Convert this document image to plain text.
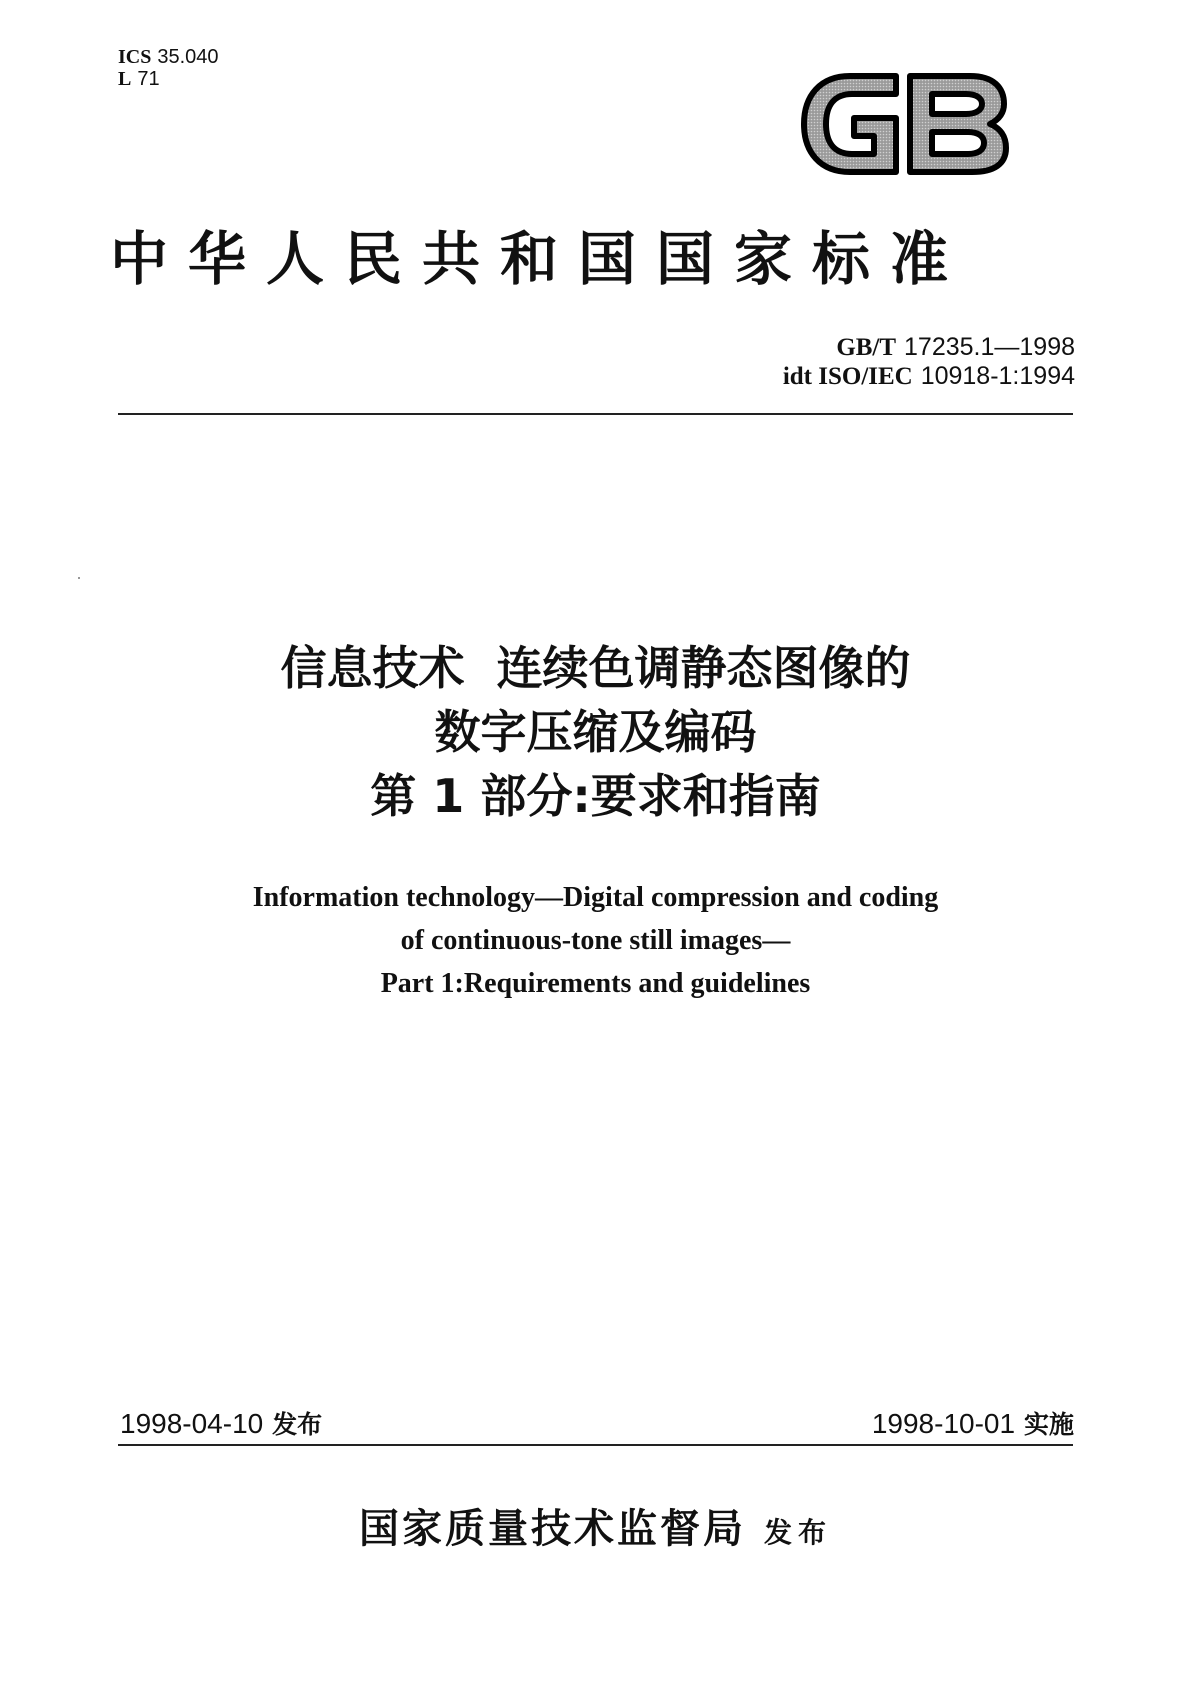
ICS 35.040
L 71
中华人民共和国国家标准
GB/T 17235.1—1998
idt ISO/IEC 10918-1:1994
信息技术  连续色调静态图像的
数字压缩及编码
第 1 部分:要求和指南
Information technology—Digital compression and coding
of continuous-tone still images—
Part 1:Requirements and guidelines
1998-04-10 发布	1998-10-01 实施
国家质量技术监督局 发布
